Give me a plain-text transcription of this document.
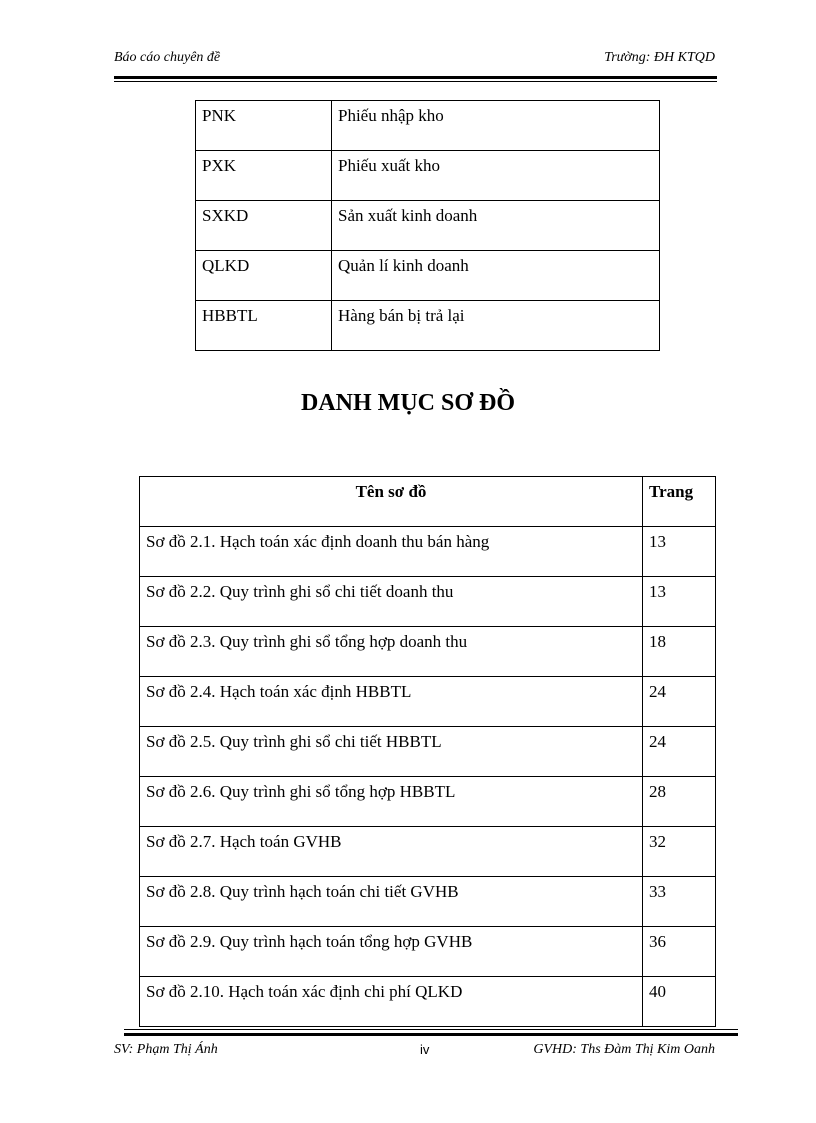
Báo cáo chuyên đề	Trường: ĐH KTQD
PNK	Phiếu nhập kho
PXK	Phiếu xuất kho
SXKD	Sản xuất kinh doanh
QLKD	Quản lí kinh doanh
HBBTL	Hàng bán bị trả lại
DANH MỤC SƠ ĐỒ
Tên sơ đồ	Trang
Sơ đồ 2.1. Hạch toán xác định doanh thu bán hàng	13
Sơ đồ 2.2. Quy trình ghi sổ chi tiết doanh thu	13
Sơ đồ 2.3. Quy trình ghi sổ tổng hợp doanh thu	18
Sơ đồ 2.4. Hạch toán xác định HBBTL	24
Sơ đồ 2.5. Quy trình ghi sổ chi tiết HBBTL	24
Sơ đồ 2.6. Quy trình ghi sổ tổng hợp HBBTL	28
Sơ đồ 2.7. Hạch toán GVHB	32
Sơ đồ 2.8. Quy trình hạch toán chi tiết GVHB	33
Sơ đồ 2.9. Quy trình hạch toán tổng hợp GVHB	36
Sơ đồ 2.10. Hạch toán xác định chi phí QLKD	40
SV: Phạm Thị Ánh	iv	GVHD: Ths Đàm Thị Kim Oanh
